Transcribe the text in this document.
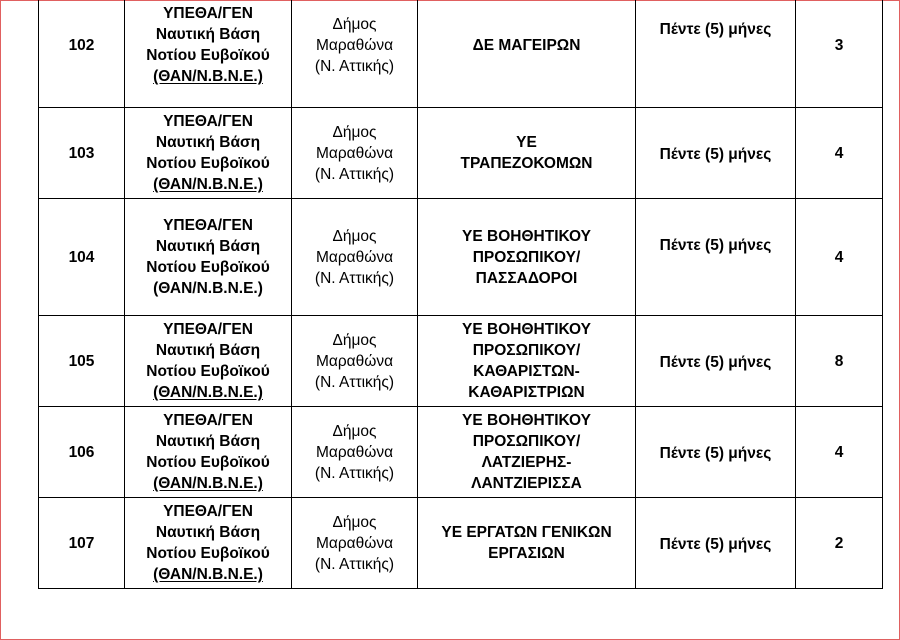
102	ΥΠΕΘΑ/ΓΕΝ
Ναυτική Βάση
Νοτίου Ευβοϊκού
(ΘΑΝ/Ν.Β.Ν.Ε.)	Δήμος
Μαραθώνα
(Ν. Αττικής)	ΔΕ ΜΑΓΕΙΡΩΝ	Πέντε (5) μήνες	3
103	ΥΠΕΘΑ/ΓΕΝ
Ναυτική Βάση
Νοτίου Ευβοϊκού
(ΘΑΝ/Ν.Β.Ν.Ε.)	Δήμος
Μαραθώνα
(Ν. Αττικής)	ΥΕ
ΤΡΑΠΕΖΟΚΟΜΩΝ	Πέντε (5) μήνες	4
104	ΥΠΕΘΑ/ΓΕΝ
Ναυτική Βάση
Νοτίου Ευβοϊκού
(ΘΑΝ/Ν.Β.Ν.Ε.)	Δήμος
Μαραθώνα
(Ν. Αττικής)	ΥΕ ΒΟΗΘΗΤΙΚΟΥ
ΠΡΟΣΩΠΙΚΟΥ/
ΠΑΣΣΑΔΟΡΟΙ	Πέντε (5) μήνες	4
105	ΥΠΕΘΑ/ΓΕΝ
Ναυτική Βάση
Νοτίου Ευβοϊκού
(ΘΑΝ/Ν.Β.Ν.Ε.)	Δήμος
Μαραθώνα
(Ν. Αττικής)	ΥΕ ΒΟΗΘΗΤΙΚΟΥ
ΠΡΟΣΩΠΙΚΟΥ/
ΚΑΘΑΡΙΣΤΩΝ-
ΚΑΘΑΡΙΣΤΡΙΩΝ	Πέντε (5) μήνες	8
106	ΥΠΕΘΑ/ΓΕΝ
Ναυτική Βάση
Νοτίου Ευβοϊκού
(ΘΑΝ/Ν.Β.Ν.Ε.)	Δήμος
Μαραθώνα
(Ν. Αττικής)	ΥΕ ΒΟΗΘΗΤΙΚΟΥ
ΠΡΟΣΩΠΙΚΟΥ/
ΛΑΤΖΙΕΡΗΣ-
ΛΑΝΤΖΙΕΡΙΣΣΑ	Πέντε (5) μήνες	4
107	ΥΠΕΘΑ/ΓΕΝ
Ναυτική Βάση
Νοτίου Ευβοϊκού
(ΘΑΝ/Ν.Β.Ν.Ε.)	Δήμος
Μαραθώνα
(Ν. Αττικής)	ΥΕ ΕΡΓΑΤΩΝ ΓΕΝΙΚΩΝ
ΕΡΓΑΣΙΩΝ	Πέντε (5) μήνες	2
